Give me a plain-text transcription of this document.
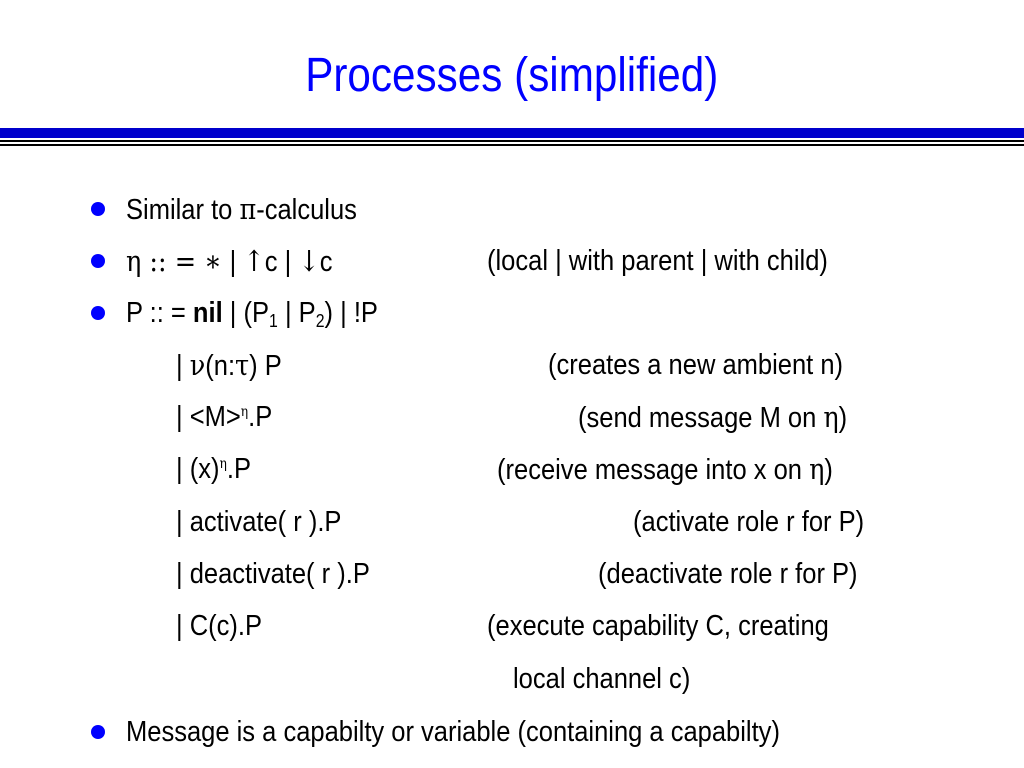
Processes (simplified)
Similar to π-calculus
η :: = ∗ | ↑c | ↓c	(local | with parent | with child)
P :: = nil | ($P_1$ | $P_2$) | !P
| ν(n:τ) P	(creates a new ambient n)
| <M>$^\eta$.P	(send message M on η)
| $(x)^\eta.P$	(receive message into x on η)
| activate( r ).P	(activate role r for P)
| deactivate( r ).P	(deactivate role r for P)
| C(c).P	(execute capability C, creating
local channel c)
Message is a capabilty or variable (containing a capabilty)
